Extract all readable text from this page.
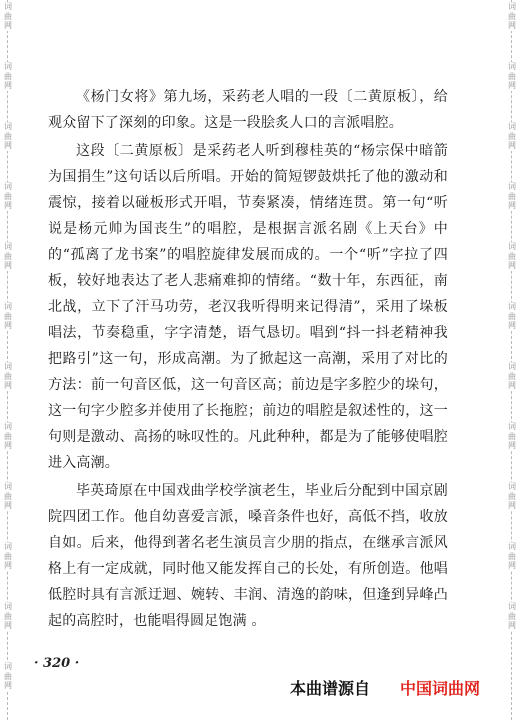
词
曲
网
词
曲
网
词
曲
网
词
曲
网
词
曲
网
词
曲
网
词
曲
网
词
曲
网
词
曲
网
词
曲
网
词
曲
网
词
曲
网
词
曲
网
词
曲
网
词
曲
网
词
曲
网
词
曲
网
词
曲
网
词
曲
网
词
曲
网
词
曲
网
词
曲
网
词
曲
网

《杨门女将》第九场，采药老人唱的一段〔二黄原板〕，给观众留下了深刻的印象。这是一段脍炙人口的言派唱腔。

这段〔二黄原板〕是采药老人听到穆桂英的“杨宗保中暗箭为国捐生”这句话以后所唱。开始的简短锣鼓烘托了他的激动和震惊，接着以碰板形式开唱，节奏紧凑，情绪连贯。第一句“听说是杨元帅为国丧生”的唱腔，是根据言派名剧《上天台》中的“孤离了龙书案”的唱腔旋律发展而成的。一个“听”字拉了四板，较好地表达了老人悲痛难抑的情绪。“数十年，东西征，南北战，立下了汗马功劳，老汉我听得明来记得清”，采用了垛板唱法，节奏稳重，字字清楚，语气恳切。唱到“抖一抖老精神我把路引”这一句，形成高潮。为了掀起这一高潮，采用了对比的方法：前一句音区低，这一句音区高；前边是字多腔少的垛句，这一句字少腔多并使用了长拖腔；前边的唱腔是叙述性的，这一句则是激动、高扬的咏叹性的。凡此种种，都是为了能够使唱腔进入高潮。

毕英琦原在中国戏曲学校学演老生，毕业后分配到中国京剧院四团工作。他自幼喜爱言派，嗓音条件也好，高低不挡，收放自如。后来，他得到著名老生演员言少朋的指点，在继承言派风格上有一定成就，同时他又能发挥自己的长处，有所创造。他唱低腔时具有言派迂迴、婉转、丰润、清逸的韵味，但逢到异峰凸起的高腔时，也能唱得圆足饱满 。

· 320 ·
本曲谱源自 中国词曲网
